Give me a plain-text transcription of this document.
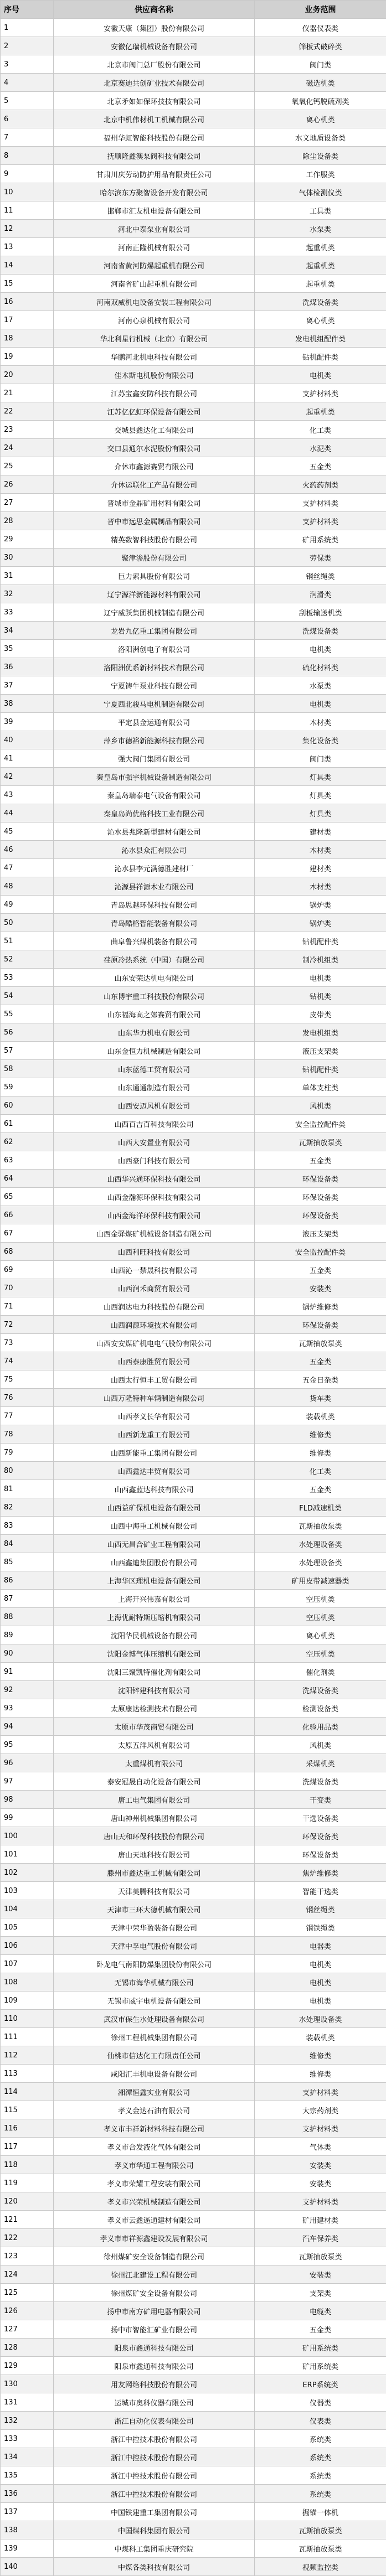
序号	供应商名称	业务范围
1	安徽天康（集团）股份有限公司	仪器仪表类
2	安徽亿瑞机械设备有限公司	筛板式破碎类
3	北京市阀门总厂股份有限公司	阀门类
4	北京赛迪共创矿业技术有限公司	磁选机类
5	北京矛如如保环技技有限公司	氧氧化钙脱硫剂类
6	北京中机伟材机工机械有限公司	离心机类
7	福州华虹智能科技股份有限公司	水文地质设备类
8	抚顺隆鑫澳泵阀科技有限公司	除尘设备类
9	甘肃川庆劳动防护用品有限责任公司	工作服类
10	哈尔滨东方聚智设备开发有限公司	气体检测仪类
11	邯郸市汇友机电设备有限公司	工具类
12	河北中泰泵业有限公司	水泵类
13	河南正隆机械有限公司	起重机类
14	河南省黄河防爆起重机有限公司	起重机类
15	河南省矿山起重机有限公司	起重机类
16	河南双威机电设备安装工程有限公司	洗煤设备类
17	河南心泉机械有限公司	离心机类
18	华北利星行机械（北京）有限公司	发电机组配件类
19	华鹏河北机电科技有限公司	钻机配件类
20	佳木斯电机股份有限公司	电机类
21	江苏宝鑫安防科技有限公司	支护材料类
22	江苏亿亿虹环保设备有限公司	起重机类
23	交城县鑫达化工有限公司	化工类
24	交口县通尔水泥股份有限公司	水泥类
25	介休市鑫源赛贸有限公司	五金类
26	介休运联化工产品有限公司	火药药剂类
27	晋城市金鼎矿用材料有限公司	支护材料类
28	晋中市远思金属制品有限公司	支护材料类
29	精英数智科技股份有限公司	矿用系统类
30	聚津渗股份有限公司	劳保类
31	巨力索具股份有限公司	钢丝绳类
32	辽宁源洋新能源材料有限公司	润滑类
33	辽宁威跃集团机械制造有限公司	刮板输送机类
34	龙岩九亿重工集团有限公司	洗煤设备类
35	洛阳洲创电子有限公司	电机类
36	洛阳洲优系新材料技术有限公司	硫化材料类
37	宁夏铸牛泵业科技有限公司	水泵类
38	宁夏西北骏马电机制造有限公司	电机类
39	平定县金运通有限公司	木材类
40	萍乡市德裕新能源科技有限公司	集化设备类
41	强大阀门集团有限公司	阀门类
42	秦皇岛市强宇机械设备制造有限公司	灯具类
43	秦皇岛瑞泰电气设备有限公司	灯具类
44	秦皇岛尚优格科技工业有限公司	灯具类
45	沁水县兆隆新型建材有限公司	建材类
46	沁水县众汇有限公司	木材类
47	沁水县李元满德胜建材厂	建材类
48	沁源县祥源木业有限公司	木材类
49	青岛思越环保科技有限公司	锅炉类
50	青岛酷格智能装备有限公司	锅炉类
51	曲阜鲁兴煤机装备有限公司	钻机配件类
52	荏原冷热系统（中国）有限公司	制冷机组类
53	山东安荣达机电有限公司	电机类
54	山东博宇重工科技股份有限公司	钻机类
55	山东福海高之郊赛贸有限公司	皮带类
56	山东华力机电有限公司	发电机组类
57	山东金恒力机械制造有限公司	液压支架类
58	山东蓝德工贸有限公司	钻机配件类
59	山东通通制造有限公司	单体支柱类
60	山西安迈风机有限公司	风机类
61	山西百吉百科技有限公司	安全监控配件类
62	山西大安置业有限公司	瓦斯抽放泵类
63	山西豪门科技有限公司	五金类
64	山西华兴通环保科技有限公司	环保设备类
65	山西金瀚源环保科技有限公司	环保设备类
66	山西金海洋环保科技有限公司	环保设备类
67	山西金驿煤矿机械设备制造有限公司	液压支架类
68	山西利旺科技有限公司	安全监控配件类
69	山西沁一禁晟科技有限公司	五金类
70	山西润禾商贸有限公司	安装类
71	山西润达电力科技股份有限公司	锅炉维修类
72	山西润源环境技术有限公司	环保设备类
73	山西安安煤矿机电电气股份有限公司	瓦斯抽放泵类
74	山西泰康胜贸有限公司	五金类
75	山西太行恒丰工贸有限公司	五金日杂类
76	山西万隆特种车辆制造有限公司	货车类
77	山西孝义长华有限公司	装载机类
78	山西新龙重工有限公司	维修类
79	山西新能重工集团有限公司	维修类
80	山西鑫达丰贸有限公司	化工类
81	山西鑫蓝达科技有限公司	五金类
82	山西益矿保机电设备有限公司	FLD减速机类
83	山西中海重工机械有限公司	瓦斯抽放泵类
84	山西无昌合矿业工程有限公司	水处理设备类
85	山西鑫迪集团股份有限公司	水处理设备类
86	上海华区理机电设备有限公司	矿用皮带减速器类
87	上海开兴伟嘉有限公司	空压机类
88	上海优耐特斯压缩机有限公司	空压机类
89	沈阳华民机械设备有限公司	离心机类
90	沈阳金博气体压缩机有限公司	空压机类
91	沈阳三聚凯特催化剂有限公司	催化剂类
92	沈阳锌建科技有限公司	洗煤设备类
93	太原康达检测技术有限公司	检测设备类
94	太原市华茂商贸有限公司	化验用品类
95	太原五洋风机有限公司	风机类
96	太重煤机有限公司	采煤机类
97	泰安冠晟自动化设备有限公司	洗煤设备类
98	唐工电气集团有限公司	干变类
99	唐山神州机械集团有限公司	干选设备类
100	唐山天和环保科技股份有限公司	环保设备类
101	唐山天地科技有限公司	环保设备类
102	滕州市鑫达重工机械有限公司	焦炉维修类
103	天津美腾科技有限公司	智能干选类
104	天津市三环大德机械有限公司	钢丝绳类
105	天津中荣华盈装备有限公司	钢铁绳类
106	天津中孚电气股份有限公司	电器类
107	卧龙电气南阳防爆集团股份有限公司	电机类
108	无锡市海华机械有限公司	电机类
109	无锡市威宇电机设备有限公司	电机类
110	武汉市保生水处理设备有限公司	水处理设备类
111	徐州工程机械集团有限公司	装载机类
112	仙桃市信达化工有限责任公司	维修类
113	咸阳汇丰机电设备有限公司	维修类
114	湘潭恒鑫实业有限公司	支护材料类
115	孝义金达石油有限公司	大宗药剂类
116	孝义市丰祥新材料科技有限公司	支护材料类
117	孝义市合发液化气体有限公司	气体类
118	孝义市华通工程有限公司	安装类
119	孝义市荣耀工程安装有限公司	安装类
120	孝义市兴荣机械制造有限公司	支护材料类
121	孝义市云鑫遥通建材有限公司	矿用建材类
122	孝义市市祥源鑫建设发展有限公司	汽车保养类
123	徐州煤矿安全设备制造有限公司	瓦斯抽放泵类
124	徐州江北建设工程有限公司	安装类
125	徐州煤矿安全设备有限公司	支架类
126	扬中市南方矿用电器有限公司	电缆类
127	扬中市智能汇矿业有限公司	五金类
128	阳泉市鑫通科技有限公司	矿用系统类
129	阳泉市鑫通科技有限公司	矿用系统类
130	用友网络科技股份有限公司	ERP系统类
131	运城市奥科仪器有限公司	仪器类
132	浙江自动化仪表有限公司	仪表类
133	浙江中控技术股份有限公司	系统类
134	浙江中控技术股份有限公司	系统类
135	浙江中控技术股份有限公司	系统类
136	浙江中控技术股份有限公司	系统类
137	中国铁建重工集团有限公司	掘锚一体机
138	中国煤科集团有限公司	瓦斯抽放泵类
139	中煤科工集团重庆研究院	瓦斯抽放泵类
140	中煤各类科技有限公司	视频监控类
